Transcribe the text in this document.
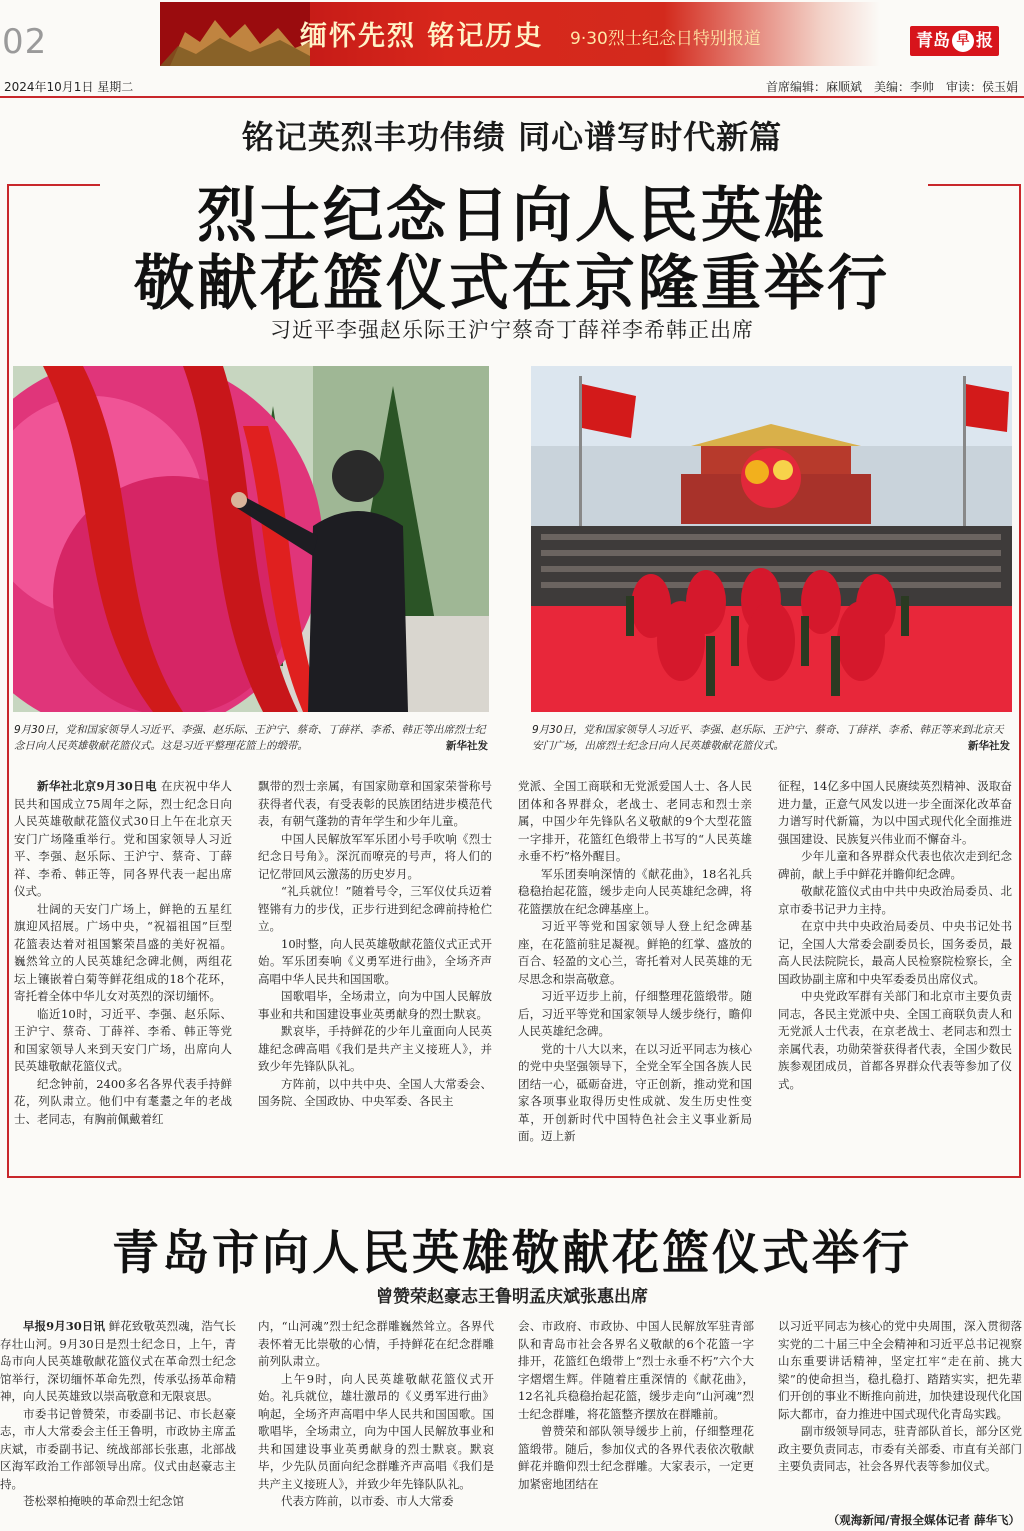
02	缅怀先烈 铭记历史 9·30烈士纪念日特别报道	青岛 早 报
2024年10月1日 星期二	首席编辑：麻顺斌　美编：李帅　审读：侯玉娟
铭记英烈丰功伟绩 同心谱写时代新篇
烈士纪念日向人民英雄
敬献花篮仪式在京隆重举行
习近平李强赵乐际王沪宁蔡奇丁薛祥李希韩正出席
9月30日，党和国家领导人习近平、李强、赵乐际、王沪宁、蔡奇、丁薛祥、李希、韩正等出席烈士纪念日向人民英雄敬献花篮仪式。这是习近平整理花篮上的缎带。	新华社发
9月30日，党和国家领导人习近平、李强、赵乐际、王沪宁、蔡奇、丁薛祥、李希、韩正等来到北京天安门广场，出席烈士纪念日向人民英雄敬献花篮仪式。	新华社发

新华社北京9月30日电 在庆祝中华人民共和国成立75周年之际，烈士纪念日向人民英雄敬献花篮仪式30日上午在北京天安门广场隆重举行。党和国家领导人习近平、李强、赵乐际、王沪宁、蔡奇、丁薛祥、李希、韩正等，同各界代表一起出席仪式。

壮阔的天安门广场上，鲜艳的五星红旗迎风招展。广场中央，“祝福祖国”巨型花篮表达着对祖国繁荣昌盛的美好祝福。巍然耸立的人民英雄纪念碑北侧，两组花坛上镶嵌着白菊等鲜花组成的18个花环，寄托着全体中华儿女对英烈的深切缅怀。

临近10时，习近平、李强、赵乐际、王沪宁、蔡奇、丁薛祥、李希、韩正等党和国家领导人来到天安门广场，出席向人民英雄敬献花篮仪式。

纪念钟前，2400多名各界代表手持鲜花，列队肃立。他们中有耄耋之年的老战士、老同志，有胸前佩戴着红

飘带的烈士亲属，有国家勋章和国家荣誉称号获得者代表，有受表彰的民族团结进步模范代表，有朝气蓬勃的青年学生和少年儿童。

中国人民解放军军乐团小号手吹响《烈士纪念日号角》。深沉而嘹亮的号声，将人们的记忆带回风云激荡的历史岁月。

“礼兵就位！”随着号令，三军仪仗兵迈着铿锵有力的步伐，正步行进到纪念碑前持枪伫立。

10时整，向人民英雄敬献花篮仪式正式开始。军乐团奏响《义勇军进行曲》，全场齐声高唱中华人民共和国国歌。

国歌唱毕，全场肃立，向为中国人民解放事业和共和国建设事业英勇献身的烈士默哀。

默哀毕，手持鲜花的少年儿童面向人民英雄纪念碑高唱《我们是共产主义接班人》，并致少年先锋队队礼。

方阵前，以中共中央、全国人大常委会、国务院、全国政协、中央军委、各民主

党派、全国工商联和无党派爱国人士、各人民团体和各界群众，老战士、老同志和烈士亲属，中国少年先锋队名义敬献的9个大型花篮一字排开，花篮红色缎带上书写的“人民英雄永垂不朽”格外醒目。

军乐团奏响深情的《献花曲》，18名礼兵稳稳抬起花篮，缓步走向人民英雄纪念碑，将花篮摆放在纪念碑基座上。

习近平等党和国家领导人登上纪念碑基座，在花篮前驻足凝视。鲜艳的红掌、盛放的百合、轻盈的文心兰，寄托着对人民英雄的无尽思念和崇高敬意。

习近平迈步上前，仔细整理花篮缎带。随后，习近平等党和国家领导人缓步绕行，瞻仰人民英雄纪念碑。

党的十八大以来，在以习近平同志为核心的党中央坚强领导下，全党全军全国各族人民团结一心，砥砺奋进，守正创新，推动党和国家各项事业取得历史性成就、发生历史性变革，开创新时代中国特色社会主义事业新局面。迈上新

征程，14亿多中国人民赓续英烈精神、汲取奋进力量，正意气风发以进一步全面深化改革奋力谱写时代新篇，为以中国式现代化全面推进强国建设、民族复兴伟业而不懈奋斗。

少年儿童和各界群众代表也依次走到纪念碑前，献上手中鲜花并瞻仰纪念碑。

敬献花篮仪式由中共中央政治局委员、北京市委书记尹力主持。

在京中共中央政治局委员、中央书记处书记，全国人大常委会副委员长，国务委员，最高人民法院院长，最高人民检察院检察长，全国政协副主席和中央军委委员出席仪式。

中央党政军群有关部门和北京市主要负责同志，各民主党派中央、全国工商联负责人和无党派人士代表，在京老战士、老同志和烈士亲属代表，功勋荣誉获得者代表，全国少数民族参观团成员，首都各界群众代表等参加了仪式。

青岛市向人民英雄敬献花篮仪式举行
曾赞荣赵豪志王鲁明孟庆斌张惠出席

早报9月30日讯 鲜花致敬英烈魂，浩气长存壮山河。9月30日是烈士纪念日，上午，青岛市向人民英雄敬献花篮仪式在革命烈士纪念馆举行，深切缅怀革命先烈，传承弘扬革命精神，向人民英雄致以崇高敬意和无限哀思。

市委书记曾赞荣，市委副书记、市长赵豪志，市人大常委会主任王鲁明，市政协主席孟庆斌，市委副书记、统战部部长张惠，北部战区海军政治工作部领导出席。仪式由赵豪志主持。

苍松翠柏掩映的革命烈士纪念馆

内，“山河魂”烈士纪念群雕巍然耸立。各界代表怀着无比崇敬的心情，手持鲜花在纪念群雕前列队肃立。

上午9时，向人民英雄敬献花篮仪式开始。礼兵就位，雄壮激昂的《义勇军进行曲》响起，全场齐声高唱中华人民共和国国歌。国歌唱毕，全场肃立，向为中国人民解放事业和共和国建设事业英勇献身的烈士默哀。默哀毕，少先队员面向纪念群雕齐声高唱《我们是共产主义接班人》，并致少年先锋队队礼。

代表方阵前，以市委、市人大常委

会、市政府、市政协、中国人民解放军驻青部队和青岛市社会各界名义敬献的6个花篮一字排开，花篮红色缎带上“烈士永垂不朽”六个大字熠熠生辉。伴随着庄重深情的《献花曲》，12名礼兵稳稳抬起花篮，缓步走向“山河魂”烈士纪念群雕，将花篮整齐摆放在群雕前。

曾赞荣和部队领导缓步上前，仔细整理花篮缎带。随后，参加仪式的各界代表依次敬献鲜花并瞻仰烈士纪念群雕。大家表示，一定更加紧密地团结在

以习近平同志为核心的党中央周围，深入贯彻落实党的二十届三中全会精神和习近平总书记视察山东重要讲话精神，坚定扛牢“走在前、挑大梁”的使命担当，稳扎稳打、踏踏实实，把先辈们开创的事业不断推向前进，加快建设现代化国际大都市，奋力推进中国式现代化青岛实践。

副市级领导同志，驻青部队首长，部分区党政主要负责同志，市委有关部委、市直有关部门主要负责同志，社会各界代表等参加仪式。

（观海新闻/青报全媒体记者 薛华飞）
